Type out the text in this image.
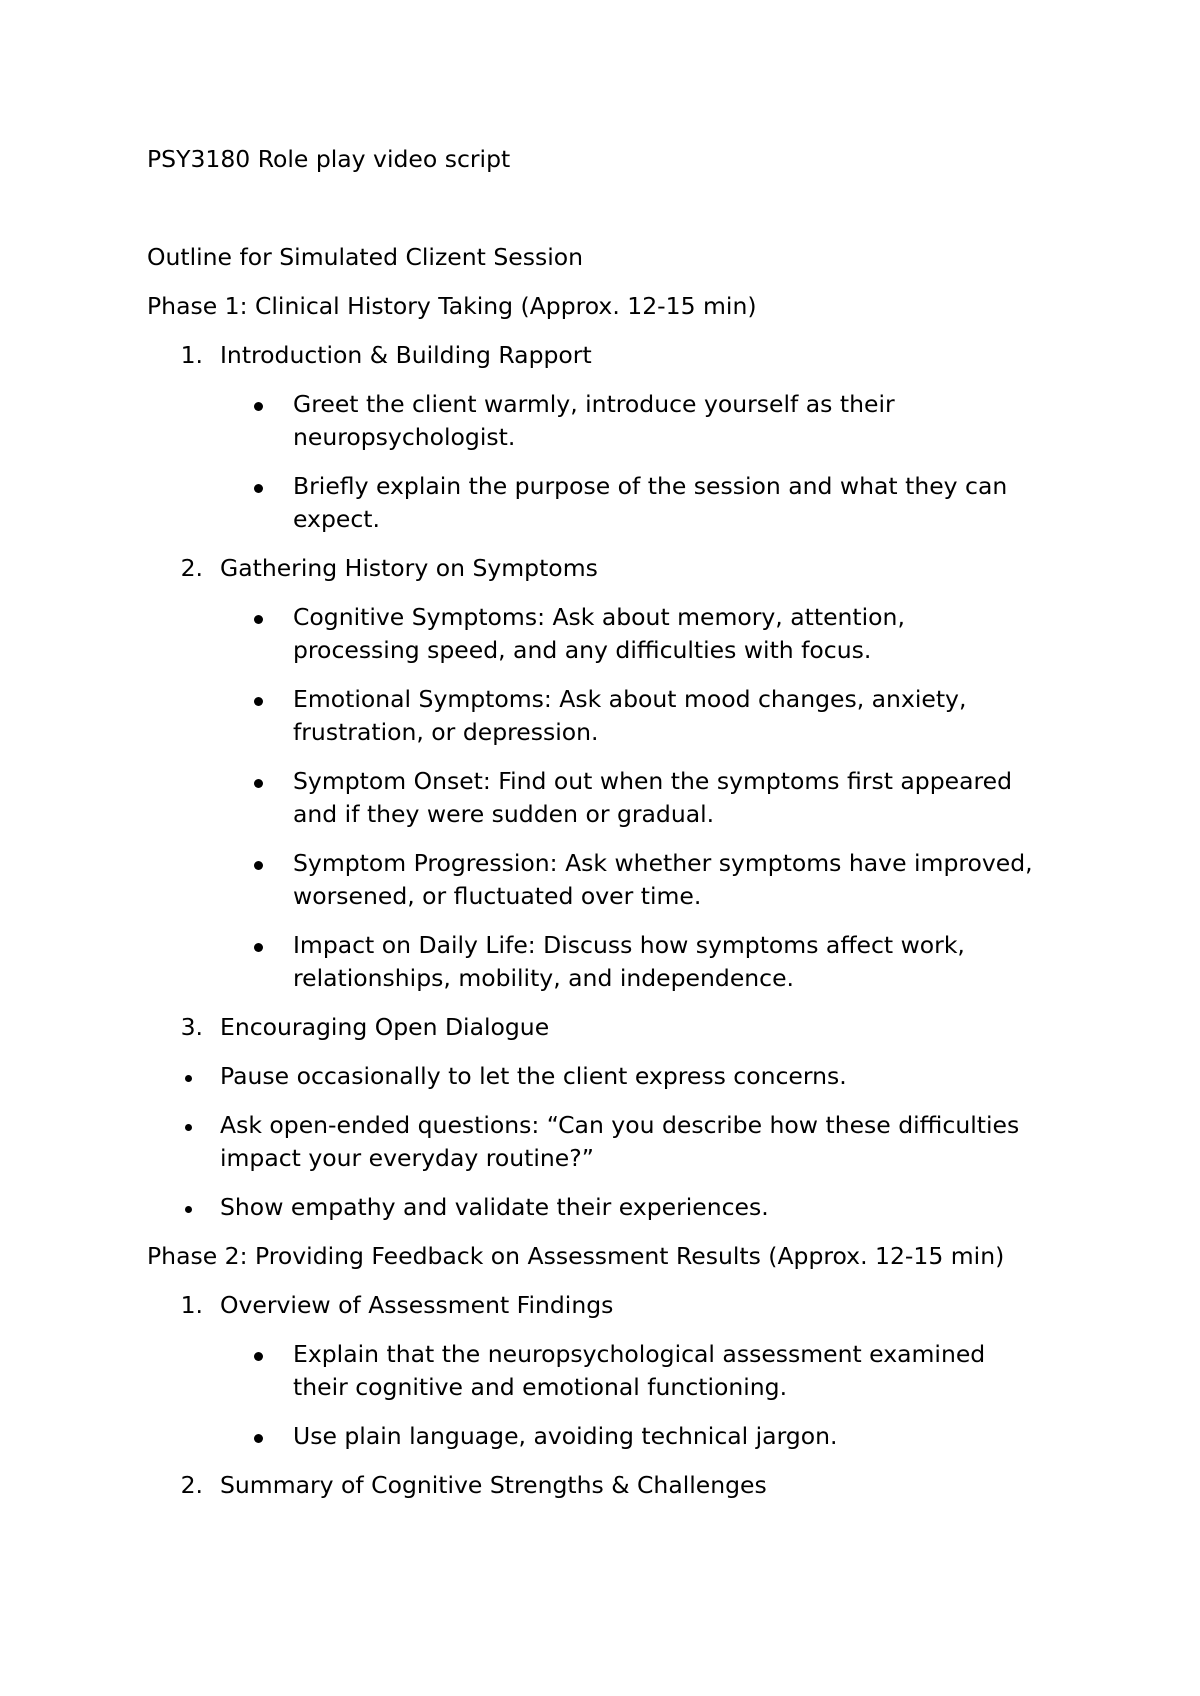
PSY3180 Role play video script
Outline for Simulated Clizent Session
Phase 1: Clinical History Taking (Approx. 12-15 min)
1. Introduction & Building Rapport
Greet the client warmly, introduce yourself as their
neuropsychologist.
Briefly explain the purpose of the session and what they can
expect.
2. Gathering History on Symptoms
Cognitive Symptoms: Ask about memory, attention,
processing speed, and any difficulties with focus.
Emotional Symptoms: Ask about mood changes, anxiety,
frustration, or depression.
Symptom Onset: Find out when the symptoms first appeared
and if they were sudden or gradual.
Symptom Progression: Ask whether symptoms have improved,
worsened, or fluctuated over time.
Impact on Daily Life: Discuss how symptoms affect work,
relationships, mobility, and independence.
3. Encouraging Open Dialogue
Pause occasionally to let the client express concerns.
Ask open-ended questions: “Can you describe how these difficulties
impact your everyday routine?”
Show empathy and validate their experiences.
Phase 2: Providing Feedback on Assessment Results (Approx. 12-15 min)
1. Overview of Assessment Findings
Explain that the neuropsychological assessment examined
their cognitive and emotional functioning.
Use plain language, avoiding technical jargon.
2. Summary of Cognitive Strengths & Challenges
